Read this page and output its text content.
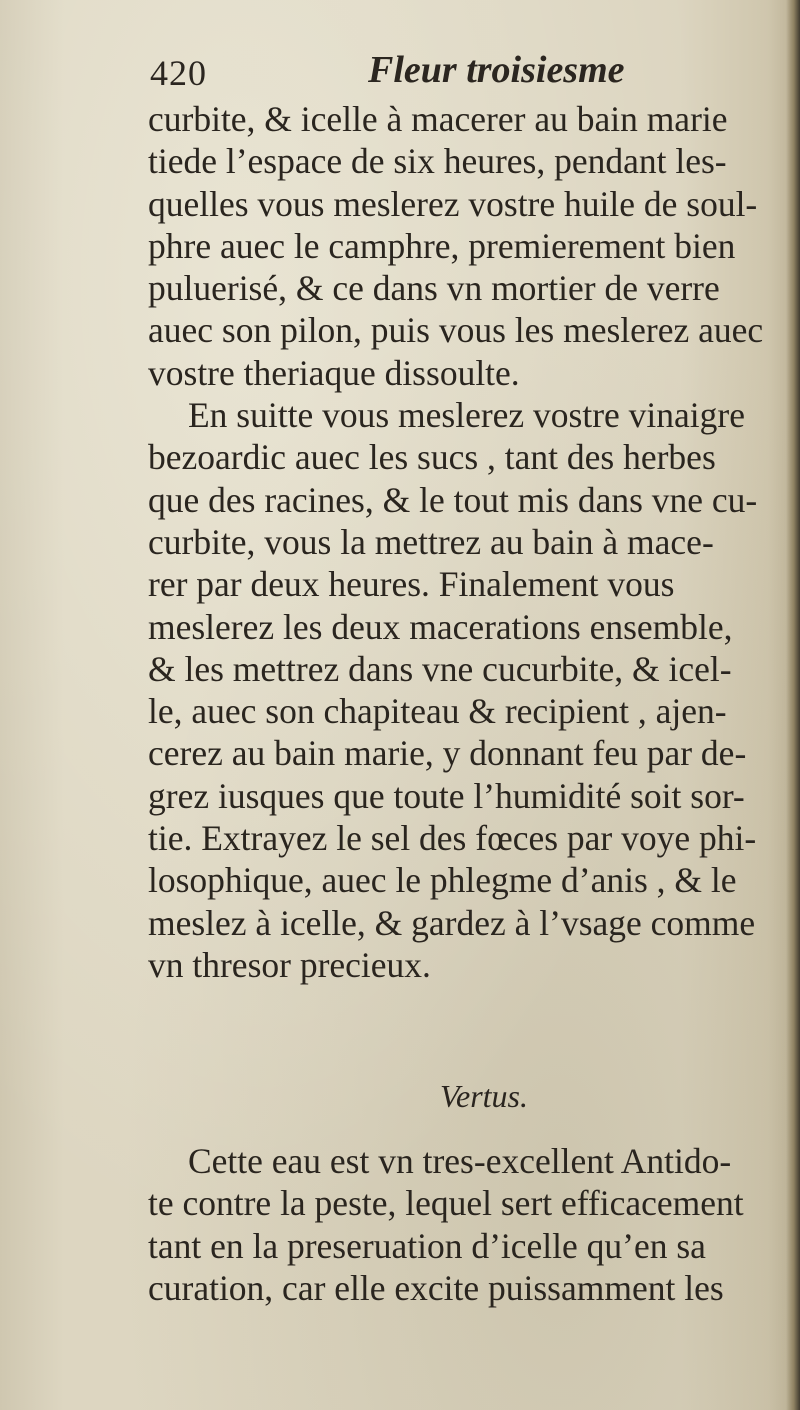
420	Fleur troisiesme
curbite, & icelle à macerer au bain marie
tiede l’espace de six heures, pendant les-
quelles vous meslerez vostre huile de soul-
phre auec le camphre, premierement bien
puluerisé, & ce dans vn mortier de verre
auec son pilon, puis vous les meslerez auec
vostre theriaque dissoulte.
En suitte vous meslerez vostre vinaigre
bezoardic auec les sucs , tant des herbes
que des racines, & le tout mis dans vne cu-
curbite, vous la mettrez au bain à mace-
rer par deux heures. Finalement vous
meslerez les deux macerations ensemble,
& les mettrez dans vne cucurbite, & icel-
le, auec son chapiteau & recipient , ajen-
cerez au bain marie, y donnant feu par de-
grez iusques que toute l’humidité soit sor-
tie. Extrayez le sel des fœces par voye phi-
losophique, auec le phlegme d’anis , & le
meslez à icelle, & gardez à l’vsage comme
vn thresor precieux.
Vertus.
Cette eau est vn tres-excellent Antido-
te contre la peste, lequel sert efficacement
tant en la preseruation d’icelle qu’en sa
curation, car elle excite puissamment les
